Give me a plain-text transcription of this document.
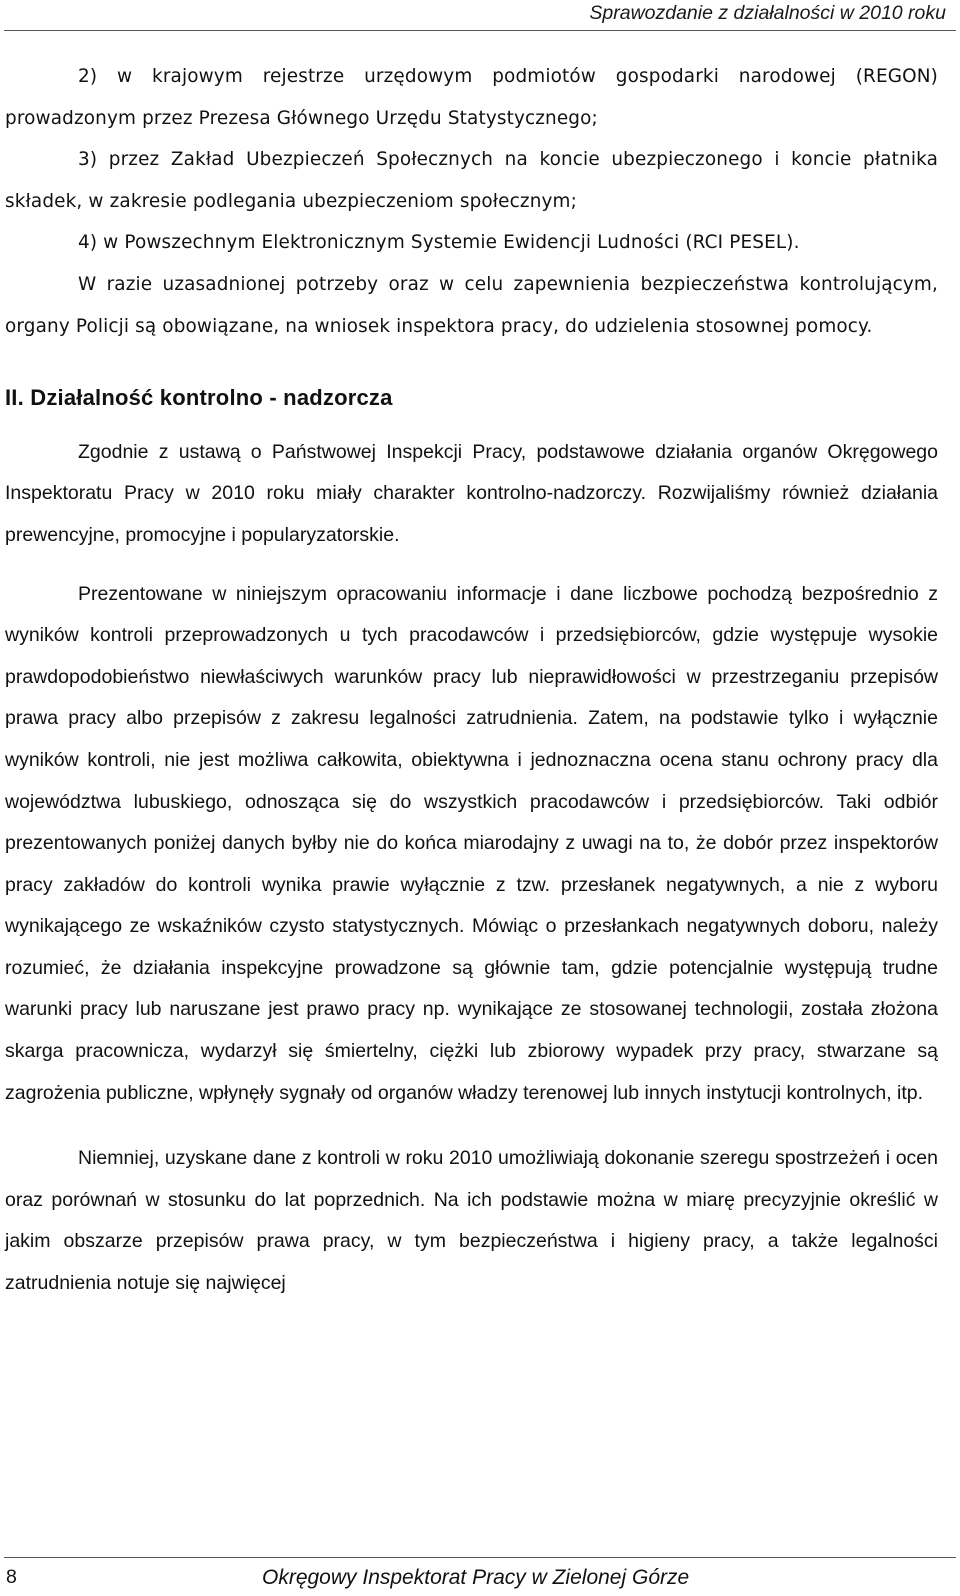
Sprawozdanie z działalności w 2010 roku

2) w krajowym rejestrze urzędowym podmiotów gospodarki narodowej (REGON) prowadzonym przez Prezesa Głównego Urzędu Statystycznego;

3) przez Zakład Ubezpieczeń Społecznych na koncie ubezpieczonego i koncie płatnika składek, w zakresie podlegania ubezpieczeniom społecznym;

4) w Powszechnym Elektronicznym Systemie Ewidencji Ludności (RCI PESEL).

W razie uzasadnionej potrzeby oraz w celu zapewnienia bezpieczeństwa kontrolującym, organy Policji są obowiązane, na wniosek inspektora pracy, do udzielenia stosownej pomocy.

II. Działalność kontrolno - nadzorcza

Zgodnie z ustawą o Państwowej Inspekcji Pracy, podstawowe działania organów Okręgowego Inspektoratu Pracy w 2010 roku miały charakter kontrolno-nadzorczy. Rozwijaliśmy również działania prewencyjne, promocyjne i popularyzatorskie.

Prezentowane w niniejszym opracowaniu informacje i dane liczbowe pochodzą bezpośrednio z wyników kontroli przeprowadzonych u tych pracodawców i przedsiębiorców, gdzie występuje wysokie prawdopodobieństwo niewłaściwych warunków pracy lub nieprawidłowości w przestrzeganiu przepisów prawa pracy albo przepisów z zakresu legalności zatrudnienia. Zatem, na podstawie tylko i wyłącznie wyników kontroli, nie jest możliwa całkowita, obiektywna i jednoznaczna ocena stanu ochrony pracy dla województwa lubuskiego, odnosząca się do wszystkich pracodawców i przedsiębiorców. Taki odbiór prezentowanych poniżej danych byłby nie do końca miarodajny z uwagi na to, że dobór przez inspektorów pracy zakładów do kontroli wynika prawie wyłącznie z tzw. przesłanek negatywnych, a nie z wyboru wynikającego ze wskaźników czysto statystycznych. Mówiąc o przesłankach negatywnych doboru, należy rozumieć, że działania inspekcyjne prowadzone są głównie tam, gdzie potencjalnie występują trudne warunki pracy lub naruszane jest prawo pracy np. wynikające ze stosowanej technologii, została złożona skarga pracownicza, wydarzył się śmiertelny, ciężki lub zbiorowy wypadek przy pracy, stwarzane są zagrożenia publiczne, wpłynęły sygnały od organów władzy terenowej lub innych instytucji kontrolnych, itp.

Niemniej, uzyskane dane z kontroli w roku 2010 umożliwiają dokonanie szeregu spostrzeżeń i ocen oraz porównań w stosunku do lat poprzednich. Na ich podstawie można w miarę precyzyjnie określić w jakim obszarze przepisów prawa pracy, w tym bezpieczeństwa i higieny pracy, a także legalności zatrudnienia notuje się najwięcej

8	Okręgowy Inspektorat Pracy w Zielonej Górze
